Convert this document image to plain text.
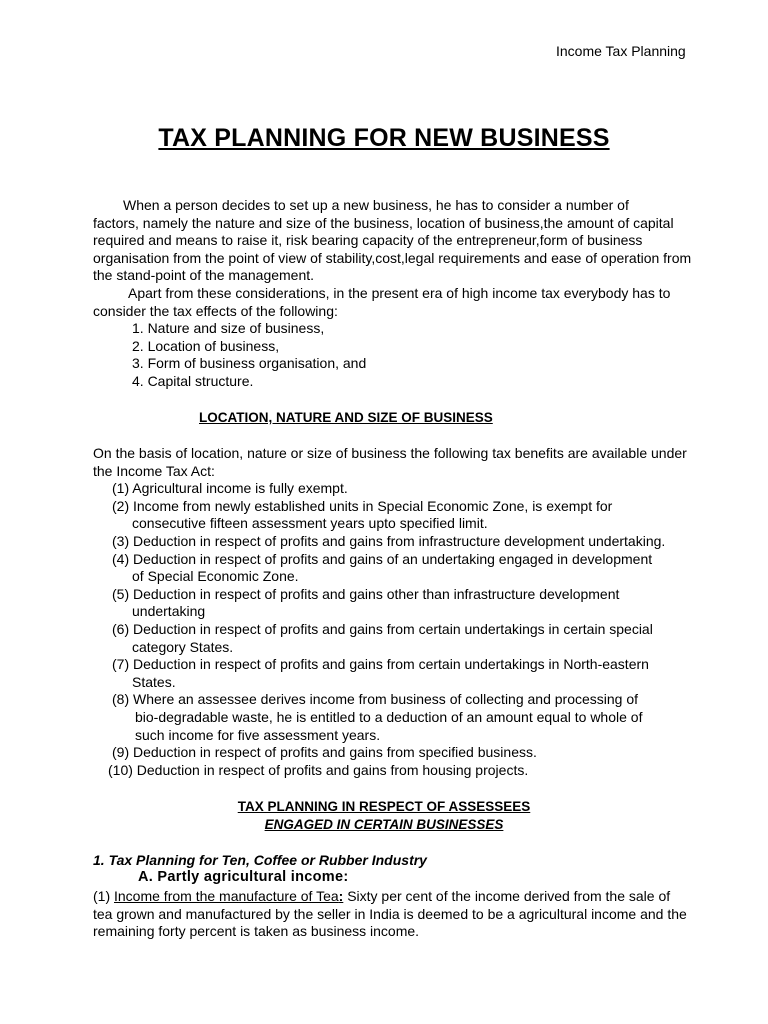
Income Tax Planning
TAX PLANNING FOR NEW BUSINESS
When a person decides to set up a new business, he has to consider a number of
factors, namely the nature and size of the business, location of business,the amount of capital
required and means to raise it, risk bearing capacity of the entrepreneur,form of business
organisation from the point of view of stability,cost,legal requirements and ease of operation from
the stand-point of the management.
Apart from these considerations, in the present era of high income tax everybody has to
consider the tax effects of the following:
1. Nature and size of business,
2. Location of business,
3. Form of business organisation, and
4. Capital structure.
LOCATION, NATURE AND SIZE OF BUSINESS
On the basis of location, nature or size of business the following tax benefits are available under
the Income Tax Act:
(1) Agricultural income is fully exempt.
(2) Income from newly established units in Special Economic Zone, is exempt for
consecutive fifteen assessment years upto specified limit.
(3) Deduction in respect of profits and gains from infrastructure development undertaking.
(4) Deduction in respect of profits and gains of an undertaking engaged in development
of Special Economic Zone.
(5) Deduction in respect of profits and gains other than infrastructure development
undertaking
(6) Deduction in respect of profits and gains from certain undertakings in certain special
category States.
(7) Deduction in respect of profits and gains from certain undertakings in North-eastern
States.
(8) Where an assessee derives income from business of collecting and processing of
bio-degradable waste, he is entitled to a deduction of an amount equal to whole of
such income for five assessment years.
(9) Deduction in respect of profits and gains from specified business.
(10) Deduction in respect of profits and gains from housing projects.
TAX PLANNING IN RESPECT OF ASSESSEES
ENGAGED IN CERTAIN BUSINESSES
1. Tax Planning for Ten, Coffee or Rubber Industry
A. Partly agricultural income:
(1) Income from the manufacture of Tea: Sixty per cent of the income derived from the sale of
tea grown and manufactured by the seller in India is deemed to be a agricultural income and the
remaining forty percent is taken as business income.
